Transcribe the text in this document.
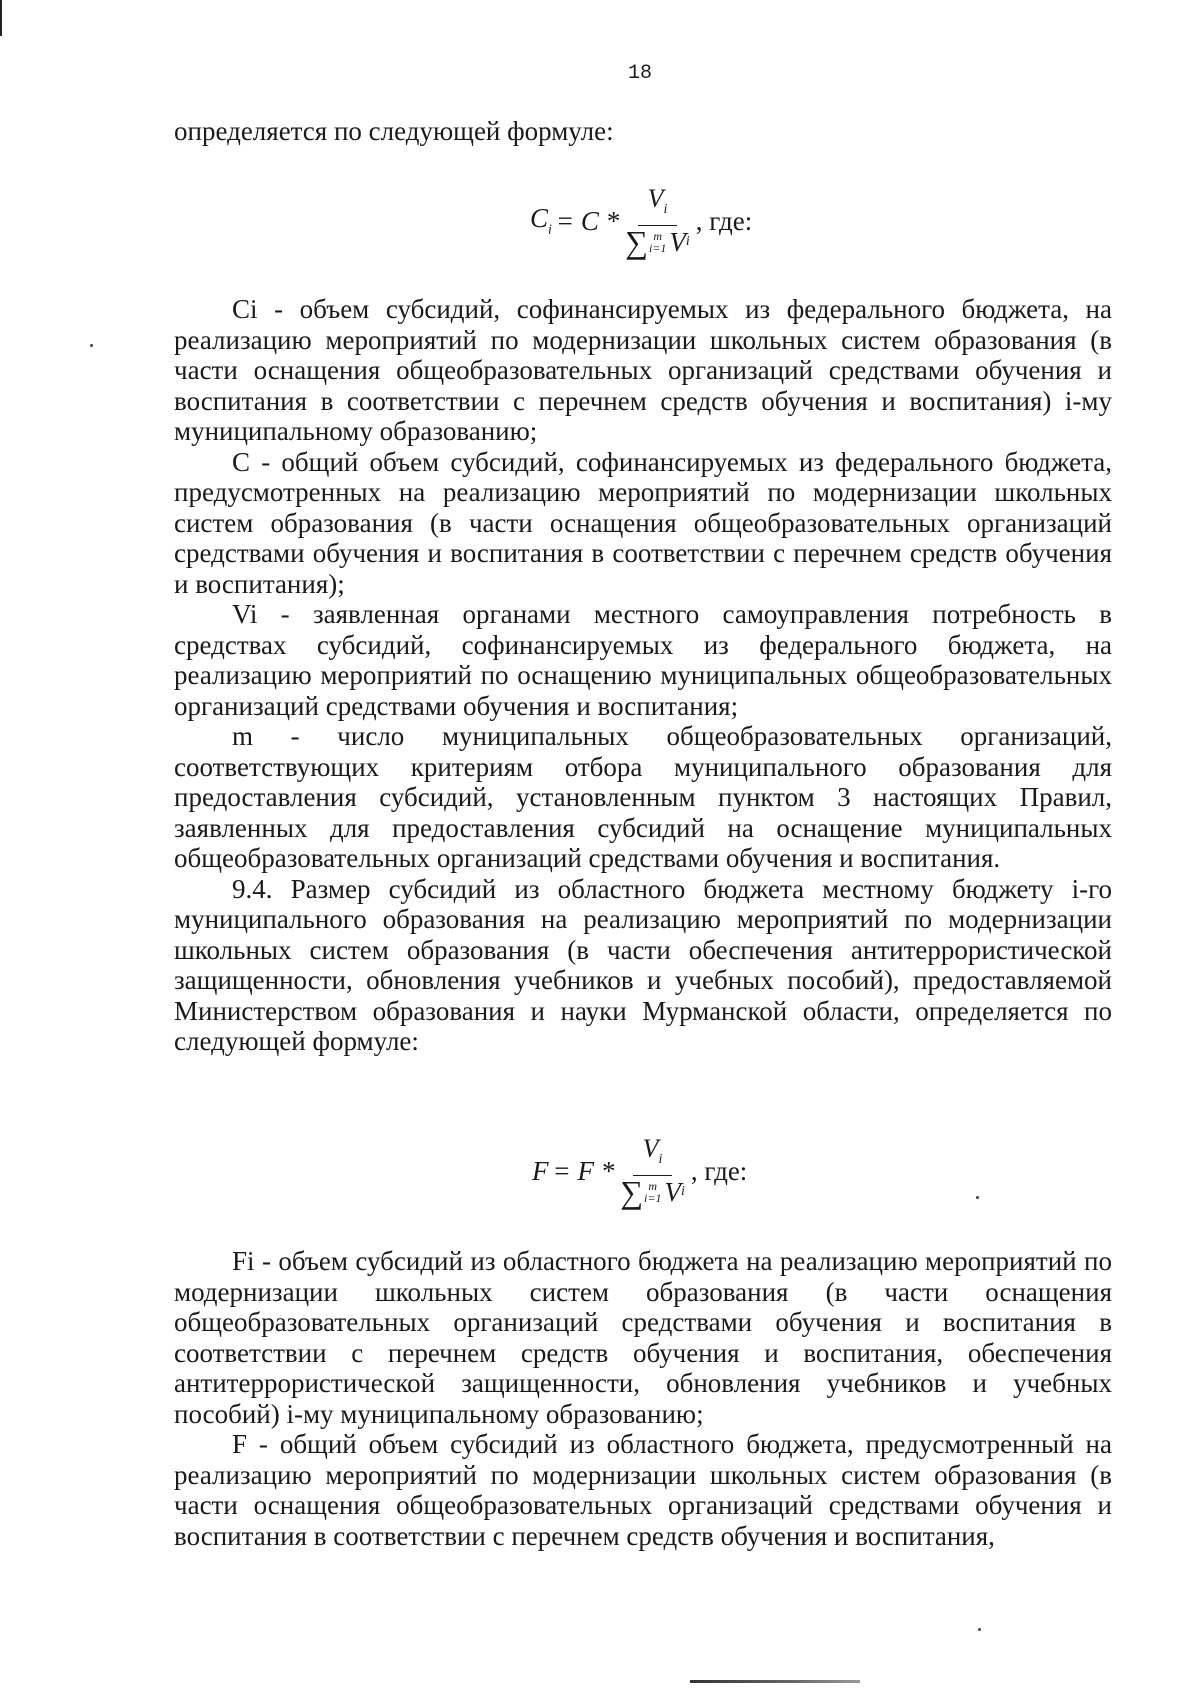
18

определяется по следующей формуле:

$C_i = C * V_i$
∑ m
i=1 V i , где:

Ci - объем субсидий, софинансируемых из федерального бюджета, на реализацию мероприятий по модернизации школьных систем образования (в части оснащения общеобразовательных организаций средствами обучения и воспитания в соответствии с перечнем средств обучения и воспитания) i-му муниципальному образованию;

С - общий объем субсидий, софинансируемых из федерального бюджета, предусмотренных на реализацию мероприятий по модернизации школьных систем образования (в части оснащения общеобразовательных организаций средствами обучения и воспитания в соответствии с перечнем средств обучения и воспитания);

Vi - заявленная органами местного самоуправления потребность в средствах субсидий, софинансируемых из федерального бюджета, на реализацию мероприятий по оснащению муниципальных общеобразовательных организаций средствами обучения и воспитания;

m - число муниципальных общеобразовательных организаций, соответствующих критериям отбора муниципального образования для предоставления субсидий, установленным пунктом 3 настоящих Правил, заявленных для предоставления субсидий на оснащение муниципальных общеобразовательных организаций средствами обучения и воспитания.

9.4. Размер субсидий из областного бюджета местному бюджету i-го муниципального образования на реализацию мероприятий по модернизации школьных систем образования (в части обеспечения антитеррористической защищенности, обновления учебников и учебных пособий), предоставляемой Министерством образования и науки Мурманской области, определяется по следующей формуле:

$F = F * V_i$
∑ m
i=1 V i , где:

Fi - объем субсидий из областного бюджета на реализацию мероприятий по модернизации школьных систем образования (в части оснащения общеобразовательных организаций средствами обучения и воспитания в соответствии с перечнем средств обучения и воспитания, обеспечения антитеррористической защищенности, обновления учебников и учебных пособий) i-му муниципальному образованию;

F - общий объем субсидий из областного бюджета, предусмотренный на реализацию мероприятий по модернизации школьных систем образования (в части оснащения общеобразовательных организаций средствами обучения и воспитания в соответствии с перечнем средств обучения и воспитания,
